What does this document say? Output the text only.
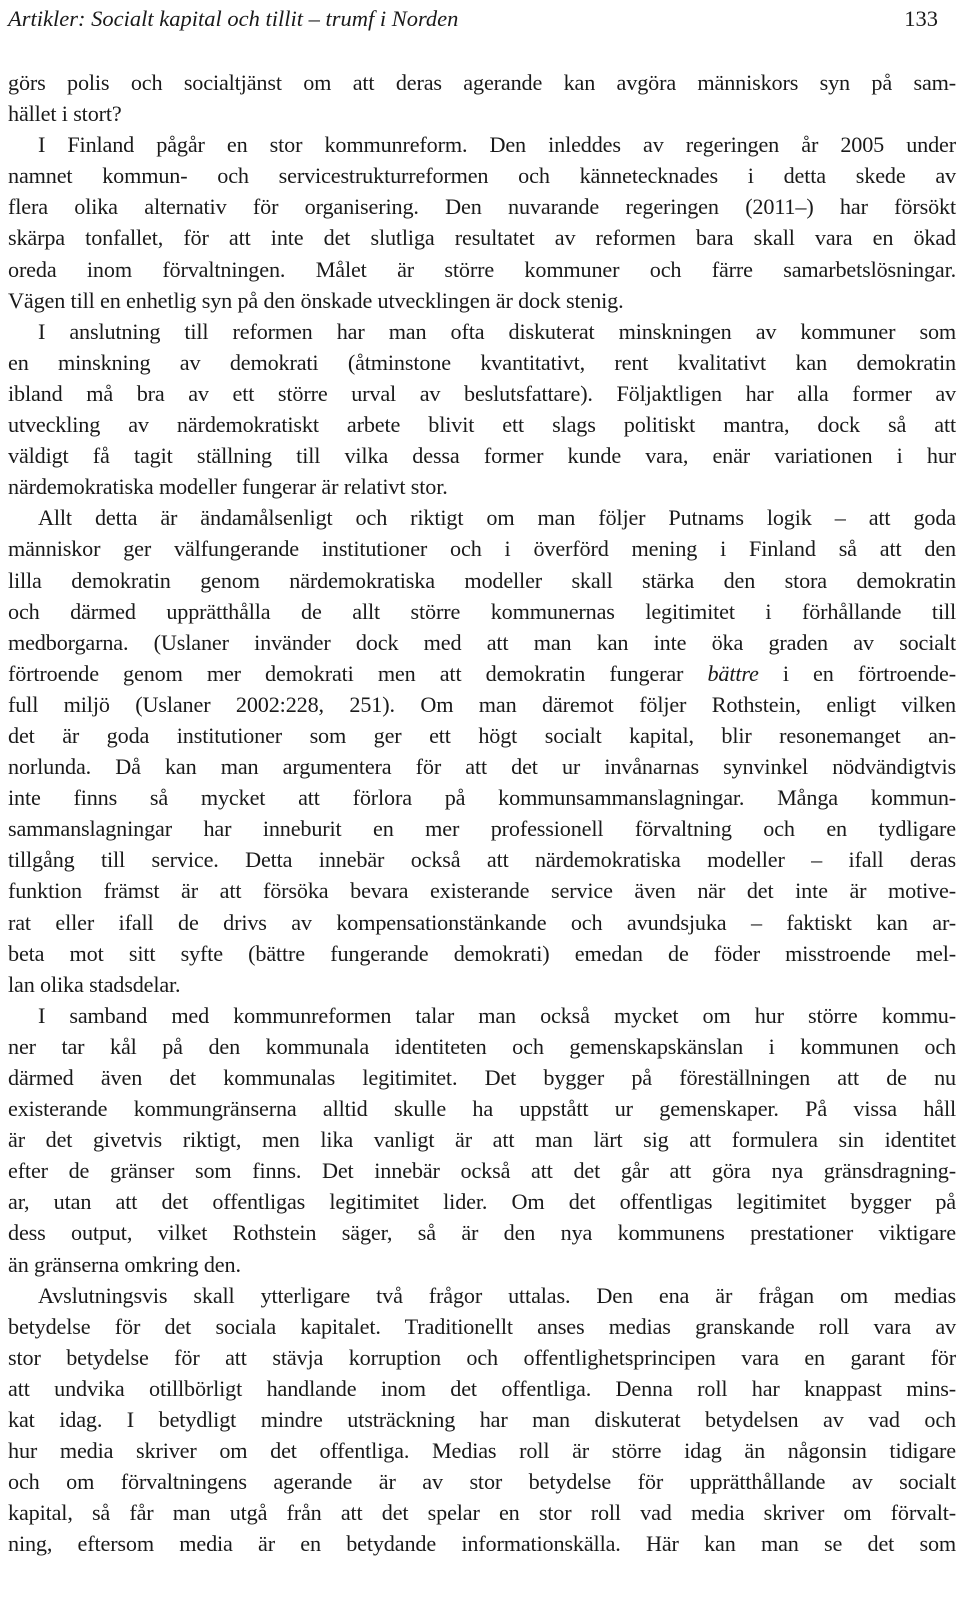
Artikler: Socialt kapital och tillit – trumf i Norden	133
görs polis och socialtjänst om att deras agerande kan avgöra människors syn på sam-
hället i stort?
I Finland pågår en stor kommunreform. Den inleddes av regeringen år 2005 under
namnet kommun- och servicestrukturreformen och kännetecknades i detta skede av
flera olika alternativ för organisering. Den nuvarande regeringen (2011–) har försökt
skärpa tonfallet, för att inte det slutliga resultatet av reformen bara skall vara en ökad
oreda inom förvaltningen. Målet är större kommuner och färre samarbetslösningar.
Vägen till en enhetlig syn på den önskade utvecklingen är dock stenig.
I anslutning till reformen har man ofta diskuterat minskningen av kommuner som
en minskning av demokrati (åtminstone kvantitativt, rent kvalitativt kan demokratin
ibland må bra av ett större urval av beslutsfattare). Följaktligen har alla former av
utveckling av närdemokratiskt arbete blivit ett slags politiskt mantra, dock så att
väldigt få tagit ställning till vilka dessa former kunde vara, enär variationen i hur
närdemokratiska modeller fungerar är relativt stor.
Allt detta är ändamålsenligt och riktigt om man följer Putnams logik – att goda
människor ger välfungerande institutioner och i överförd mening i Finland så att den
lilla demokratin genom närdemokratiska modeller skall stärka den stora demokratin
och därmed upprätthålla de allt större kommunernas legitimitet i förhållande till
medborgarna. (Uslaner invänder dock med att man kan inte öka graden av socialt
förtroende genom mer demokrati men att demokratin fungerar bättre i en förtroende-
full miljö (Uslaner 2002:228, 251). Om man däremot följer Rothstein, enligt vilken
det är goda institutioner som ger ett högt socialt kapital, blir resonemanget an-
norlunda. Då kan man argumentera för att det ur invånarnas synvinkel nödvändigtvis
inte finns så mycket att förlora på kommunsammanslagningar. Många kommun-
sammanslagningar har inneburit en mer professionell förvaltning och en tydligare
tillgång till service. Detta innebär också att närdemokratiska modeller – ifall deras
funktion främst är att försöka bevara existerande service även när det inte är motive-
rat eller ifall de drivs av kompensationstänkande och avundsjuka – faktiskt kan ar-
beta mot sitt syfte (bättre fungerande demokrati) emedan de föder misstroende mel-
lan olika stadsdelar.
I samband med kommunreformen talar man också mycket om hur större kommu-
ner tar kål på den kommunala identiteten och gemenskapskänslan i kommunen och
därmed även det kommunalas legitimitet. Det bygger på föreställningen att de nu
existerande kommungränserna alltid skulle ha uppstått ur gemenskaper. På vissa håll
är det givetvis riktigt, men lika vanligt är att man lärt sig att formulera sin identitet
efter de gränser som finns. Det innebär också att det går att göra nya gränsdragning-
ar, utan att det offentligas legitimitet lider. Om det offentligas legitimitet bygger på
dess output, vilket Rothstein säger, så är den nya kommunens prestationer viktigare
än gränserna omkring den.
Avslutningsvis skall ytterligare två frågor uttalas. Den ena är frågan om medias
betydelse för det sociala kapitalet. Traditionellt anses medias granskande roll vara av
stor betydelse för att stävja korruption och offentlighetsprincipen vara en garant för
att undvika otillbörligt handlande inom det offentliga. Denna roll har knappast mins-
kat idag. I betydligt mindre utsträckning har man diskuterat betydelsen av vad och
hur media skriver om det offentliga. Medias roll är större idag än någonsin tidigare
och om förvaltningens agerande är av stor betydelse för upprätthållande av socialt
kapital, så får man utgå från att det spelar en stor roll vad media skriver om förvalt-
ning, eftersom media är en betydande informationskälla. Här kan man se det som
